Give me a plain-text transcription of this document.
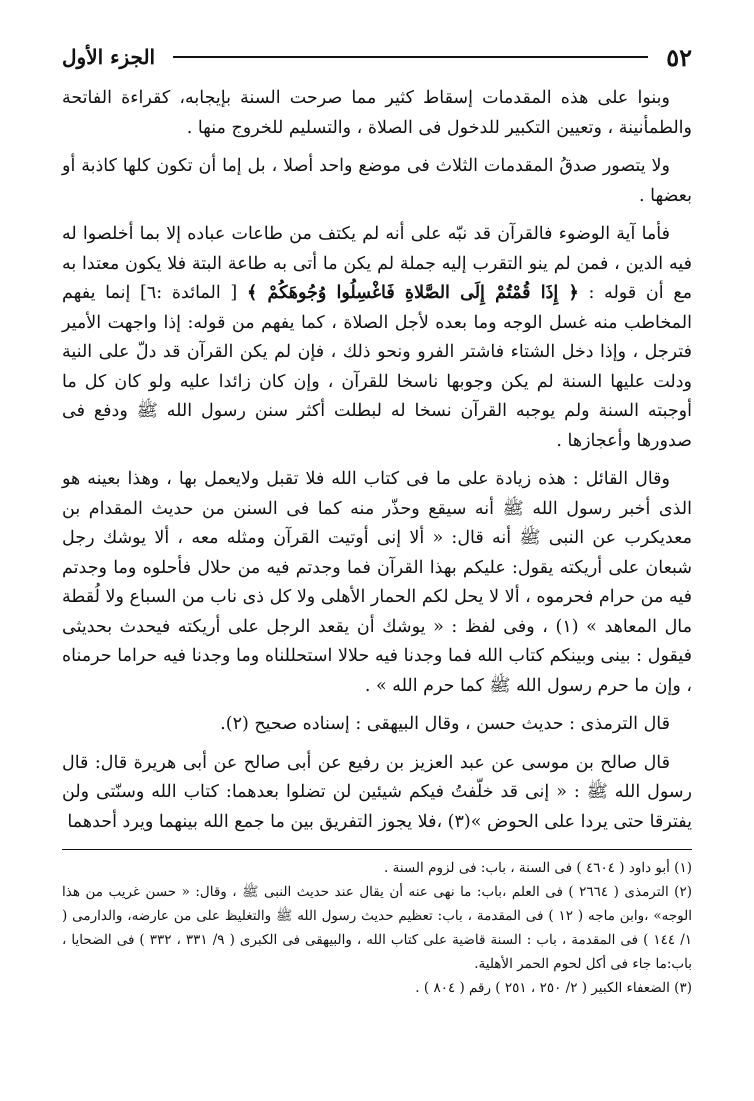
٥٢
الجزء الأول

وبنوا على هذه المقدمات إسقاط كثير مما صرحت السنة بإيجابه، كقراءة الفاتحة والطمأنينة ، وتعيين التكبير للدخول فى الصلاة ، والتسليم للخروج منها .

ولا يتصور صدقُ المقدمات الثلاث فى موضع واحد أصلا ، بل إما أن تكون كلها كاذبة أو بعضها .

فأما آية الوضوء فالقرآن قد نبّه على أنه لم يكتف من طاعات عباده إلا بما أخلصوا له فيه الدين ، فمن لم ينو التقرب إليه جملة لم يكن ما أتى به طاعة البتة فلا يكون معتدا به مع أن قوله : ﴿ إِذَا قُمْتُمْ إِلَى الصَّلاةِ فَاغْسِلُوا وُجُوهَكُمْ ﴾ [ المائدة :٦] إنما يفهم المخاطب منه غسل الوجه وما بعده لأجل الصلاة ، كما يفهم من قوله: إذا واجهت الأمير فترجل ، وإذا دخل الشتاء فاشتر الفرو ونحو ذلك ، فإن لم يكن القرآن قد دلّ على النية ودلت عليها السنة لم يكن وجوبها ناسخا للقرآن ، وإن كان زائدا عليه ولو كان كل ما أوجبته السنة ولم يوجبه القرآن نسخا له لبطلت أكثر سنن رسول الله ﷺ ودفع فى صدورها وأعجازها .

وقال القائل : هذه زيادة على ما فى كتاب الله فلا تقبل ولايعمل بها ، وهذا بعينه هو الذى أخبر رسول الله ﷺ أنه سيقع وحذّر منه كما فى السنن من حديث المقدام بن معديكرب عن النبى ﷺ أنه قال: « ألا إنى أوتيت القرآن ومثله معه ، ألا يوشك رجل شبعان على أريكته يقول: عليكم بهذا القرآن فما وجدتم فيه من حلال فأحلوه وما وجدتم فيه من حرام فحرموه ، ألا لا يحل لكم الحمار الأهلى ولا كل ذى ناب من السباع ولا لُقطة مال المعاهد » (١) ، وفى لفظ : « يوشك أن يقعد الرجل على أريكته فيحدث بحديثى فيقول : بينى وبينكم كتاب الله فما وجدنا فيه حلالا استحللناه وما وجدنا فيه حراما حرمناه ، وإن ما حرم رسول الله ﷺ كما حرم الله » .

قال الترمذى : حديث حسن ، وقال البيهقى : إسناده صحيح (٢).

قال صالح بن موسى عن عبد العزيز بن رفيع عن أبى صالح عن أبى هريرة قال: قال رسول الله ﷺ : « إنى قد خلّفتُ فيكم شيئين لن تضلوا بعدهما: كتاب الله وسنّتى ولن يفترقا حتى يردا على الحوض »(٣) ،فلا يجوز التفريق بين ما جمع الله بينهما ويرد أحدهما

(١) أبو داود ( ٤٦٠٤ ) فى السنة ، باب: فى لزوم السنة .

(٢) الترمذى ( ٢٦٦٤ ) فى العلم ،باب: ما نهى عنه أن يقال عند حديث النبى ﷺ ، وقال: « حسن غريب من هذا الوجه» ،وابن ماجه ( ١٢ ) فى المقدمة ، باب: تعظيم حديث رسول الله ﷺ والتغليظ على من عارضه، والدارمى ( ١/ ١٤٤ ) فى المقدمة ، باب : السنة قاضية على كتاب الله ، والبيهقى فى الكبرى ( ٩/ ٣٣١ ، ٣٣٢ ) فى الضحايا ، باب:ما جاء فى أكل لحوم الحمر الأهلية.

(٣) الضعفاء الكبير ( ٢/ ٢٥٠ ، ٢٥١ ) رقم ( ٨٠٤ ) .
